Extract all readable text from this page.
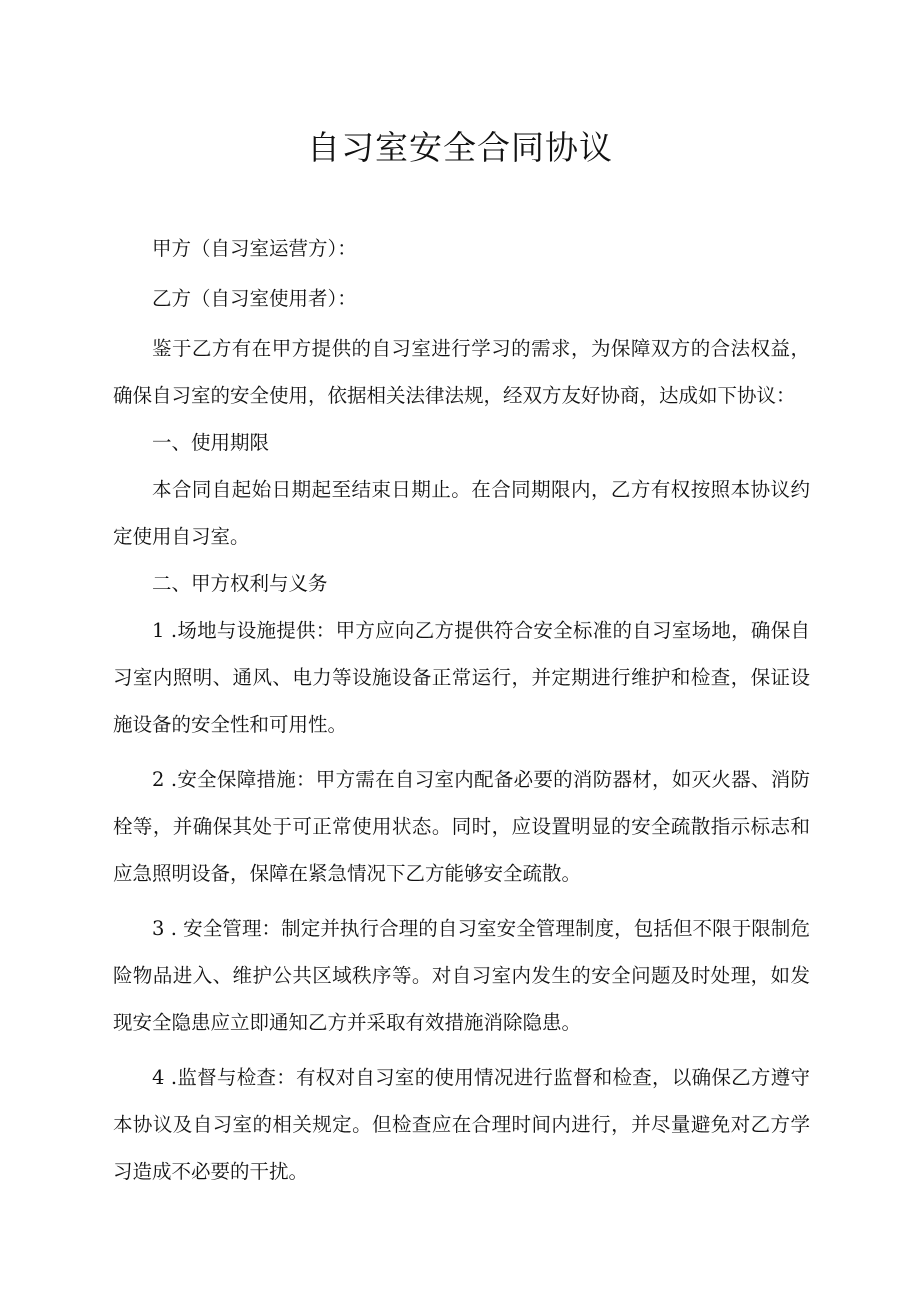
自习室安全合同协议

甲方（自习室运营方）：

乙方（自习室使用者）：

鉴于乙方有在甲方提供的自习室进行学习的需求，为保障双方的合法权益，确保自习室的安全使用，依据相关法律法规，经双方友好协商，达成如下协议：

一、使用期限

本合同自起始日期起至结束日期止。在合同期限内，乙方有权按照本协议约定使用自习室。

二、甲方权利与义务

1 .场地与设施提供：甲方应向乙方提供符合安全标准的自习室场地，确保自习室内照明、通风、电力等设施设备正常运行，并定期进行维护和检查，保证设施设备的安全性和可用性。

2 .安全保障措施：甲方需在自习室内配备必要的消防器材，如灭火器、消防栓等，并确保其处于可正常使用状态。同时，应设置明显的安全疏散指示标志和应急照明设备，保障在紧急情况下乙方能够安全疏散。

3 . 安全管理：制定并执行合理的自习室安全管理制度，包括但不限于限制危险物品进入、维护公共区域秩序等。对自习室内发生的安全问题及时处理，如发现安全隐患应立即通知乙方并采取有效措施消除隐患。

4 .监督与检查：有权对自习室的使用情况进行监督和检查，以确保乙方遵守本协议及自习室的相关规定。但检查应在合理时间内进行，并尽量避免对乙方学习造成不必要的干扰。
